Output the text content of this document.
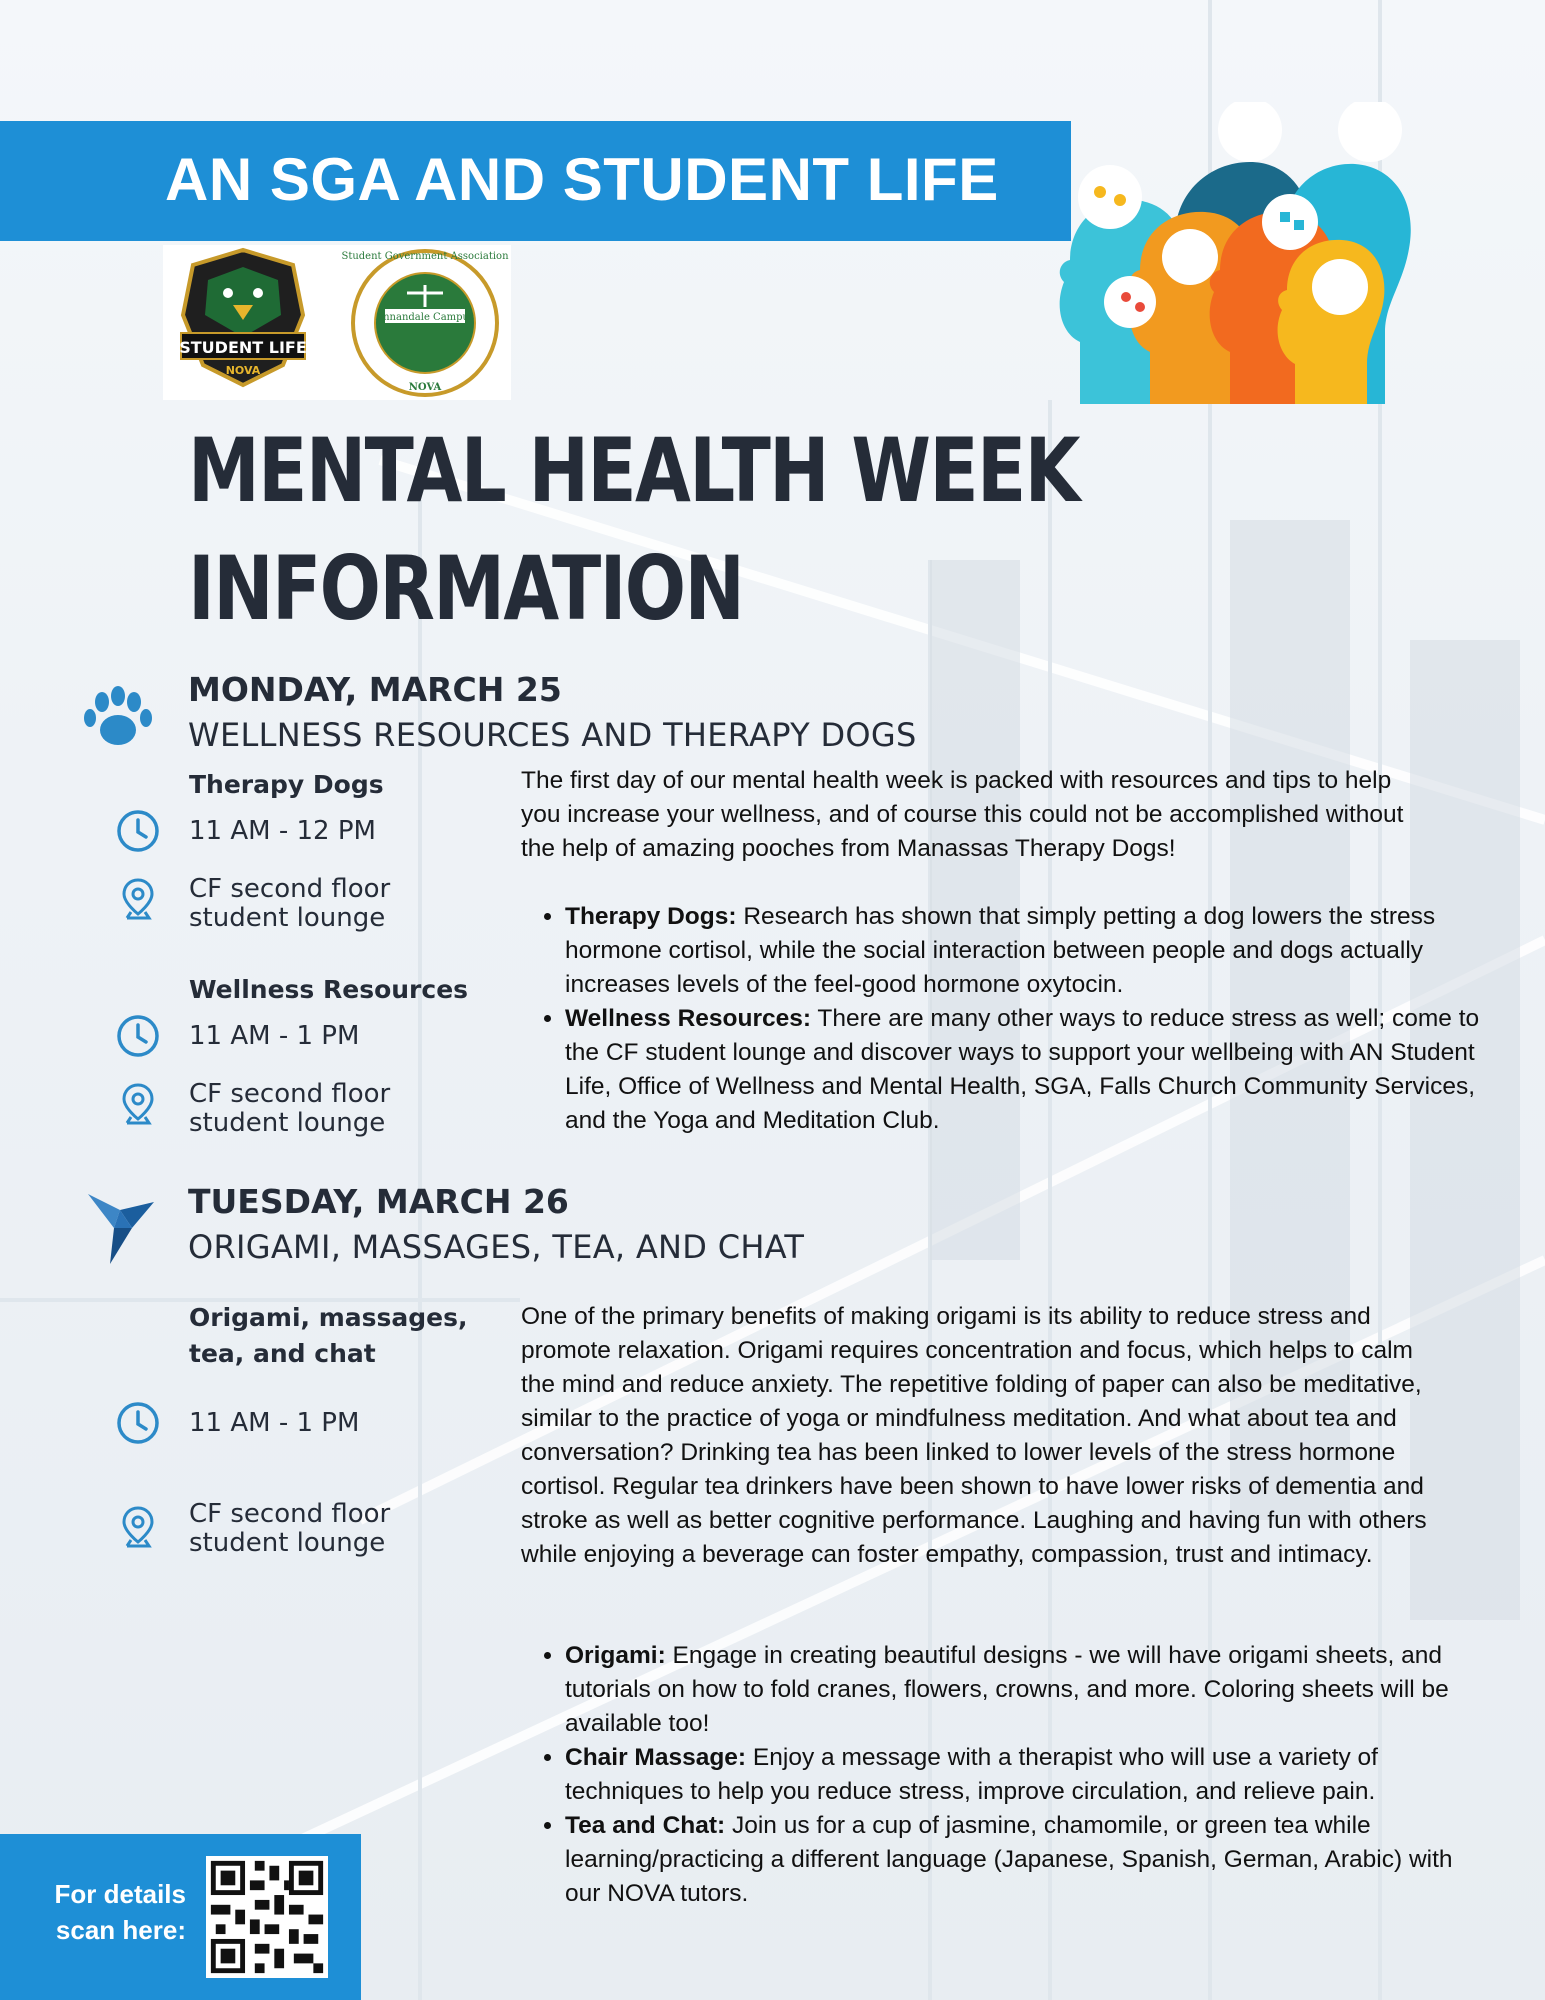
AN SGA AND STUDENT LIFE
STUDENT LIFE
NOVA
Student Government Association
Annandale Campus
NOVA
MENTAL HEALTH WEEK
INFORMATION
MONDAY, MARCH 25
WELLNESS RESOURCES AND THERAPY DOGS
Therapy Dogs
11 AM - 12 PM
CF second floor
student lounge
Wellness Resources
11 AM - 1 PM
CF second floor
student lounge
The first day of our mental health week is packed with resources and tips to help you increase your wellness, and of course this could not be accomplished without the help of amazing pooches from Manassas Therapy Dogs!
• Therapy Dogs: Research has shown that simply petting a dog lowers the stress hormone cortisol, while the social interaction between people and dogs actually increases levels of the feel-good hormone oxytocin.
• Wellness Resources: There are many other ways to reduce stress as well; come to the CF student lounge and discover ways to support your wellbeing with AN Student Life, Office of Wellness and Mental Health, SGA, Falls Church Community Services, and the Yoga and Meditation Club.
TUESDAY, MARCH 26
ORIGAMI, MASSAGES, TEA, AND CHAT
Origami, massages,
tea, and chat
11 AM - 1 PM
CF second floor
student lounge
One of the primary benefits of making origami is its ability to reduce stress and promote relaxation. Origami requires concentration and focus, which helps to calm the mind and reduce anxiety. The repetitive folding of paper can also be meditative, similar to the practice of yoga or mindfulness meditation. And what about tea and conversation? Drinking tea has been linked to lower levels of the stress hormone cortisol. Regular tea drinkers have been shown to have lower risks of dementia and stroke as well as better cognitive performance. Laughing and having fun with others while enjoying a beverage can foster empathy, compassion, trust and intimacy.
• Origami: Engage in creating beautiful designs - we will have origami sheets, and tutorials on how to fold cranes, flowers, crowns, and more. Coloring sheets will be available too!
• Chair Massage: Enjoy a message with a therapist who will use a variety of techniques to help you reduce stress, improve circulation, and relieve pain.
• Tea and Chat: Join us for a cup of jasmine, chamomile, or green tea while learning/practicing a different language (Japanese, Spanish, German, Arabic) with our NOVA tutors.
For details
scan here:
